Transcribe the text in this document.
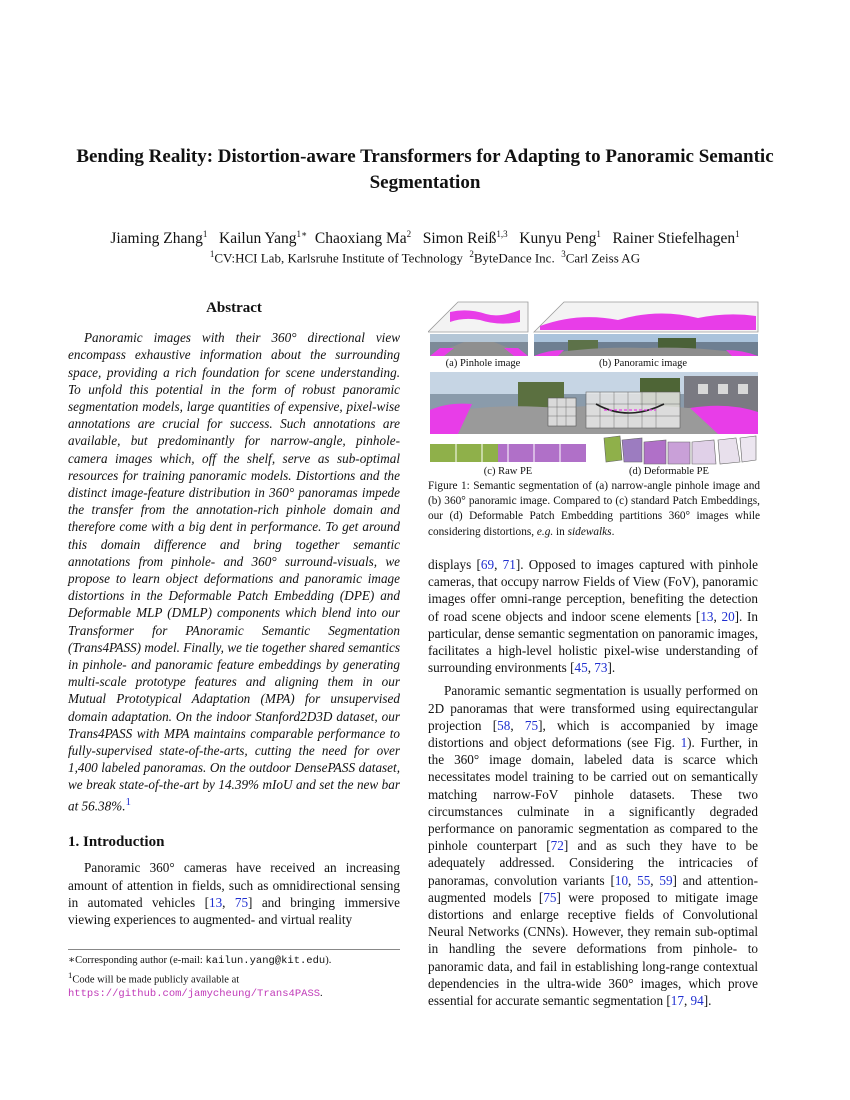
Bending Reality: Distortion-aware Transformers for Adapting to Panoramic Semantic Segmentation
Jiaming Zhang$^1$ Kailun Yang$^{1∗}$ Chaoxiang Ma$^2$ Simon Reiß$^{1,3}$ Kunyu Peng$^1$ Rainer Stiefelhagen$^1$
$^1$CV:HCI Lab, Karlsruhe Institute of Technology $^2$ByteDance Inc. $^3$Carl Zeiss AG
Abstract

Panoramic images with their 360° directional view encompass exhaustive information about the surrounding space, providing a rich foundation for scene understanding. To unfold this potential in the form of robust panoramic segmentation models, large quantities of expensive, pixel-wise annotations are crucial for success. Such annotations are available, but predominantly for narrow-angle, pinhole-camera images which, off the shelf, serve as sub-optimal resources for training panoramic models. Distortions and the distinct image-feature distribution in 360° panoramas impede the transfer from the annotation-rich pinhole domain and therefore come with a big dent in performance. To get around this domain difference and bring together semantic annotations from pinhole- and 360° surround-visuals, we propose to learn object deformations and panoramic image distortions in the Deformable Patch Embedding (DPE) and Deformable MLP (DMLP) components which blend into our Transformer for PAnoramic Semantic Segmentation (Trans4PASS) model. Finally, we tie together shared semantics in pinhole- and panoramic feature embeddings by generating multi-scale prototype features and aligning them in our Mutual Prototypical Adaptation (MPA) for unsupervised domain adaptation. On the indoor Stanford2D3D dataset, our Trans4PASS with MPA maintains comparable performance to fully-supervised state-of-the-arts, cutting the need for over 1,400 labeled panoramas. On the outdoor DensePASS dataset, we break state-of-the-art by 14.39% mIoU and set the new bar at 56.38%.$^1$

1. Introduction

Panoramic 360° cameras have received an increasing amount of attention in fields, such as omnidirectional sensing in automated vehicles [13, 75] and bringing immersive viewing experiences to augmented- and virtual reality

∗Corresponding author (e-mail: kailun.yang@kit.edu).
$^1$Code will be made publicly available at https://github.com/jamycheung/Trans4PASS.
(a) Pinhole image	(b) Panoramic image
(c) Raw PE	(d) Deformable PE
Figure 1: Semantic segmentation of (a) narrow-angle pinhole image and (b) 360° panoramic image. Compared to (c) standard Patch Embeddings, our (d) Deformable Patch Embedding partitions 360° images while considering distortions, e.g. in sidewalks.

displays [69, 71]. Opposed to images captured with pinhole cameras, that occupy narrow Fields of View (FoV), panoramic images offer omni-range perception, benefiting the detection of road scene objects and indoor scene elements [13, 20]. In particular, dense semantic segmentation on panoramic images, facilitates a high-level holistic pixel-wise understanding of surrounding environments [45, 73].

Panoramic semantic segmentation is usually performed on 2D panoramas that were transformed using equirectangular projection [58, 75], which is accompanied by image distortions and object deformations (see Fig. 1). Further, in the 360° image domain, labeled data is scarce which necessitates model training to be carried out on semantically matching narrow-FoV pinhole datasets. These two circumstances culminate in a significantly degraded performance on panoramic segmentation as compared to the pinhole counterpart [72] and as such they have to be adequately addressed. Considering the intricacies of panoramas, convolution variants [10, 55, 59] and attention-augmented models [75] were proposed to mitigate image distortions and enlarge receptive fields of Convolutional Neural Networks (CNNs). However, they remain sub-optimal in handling the severe deformations from pinhole- to panoramic data, and fail in establishing long-range contextual dependencies in the ultra-wide 360° images, which prove essential for accurate semantic segmentation [17, 94].
